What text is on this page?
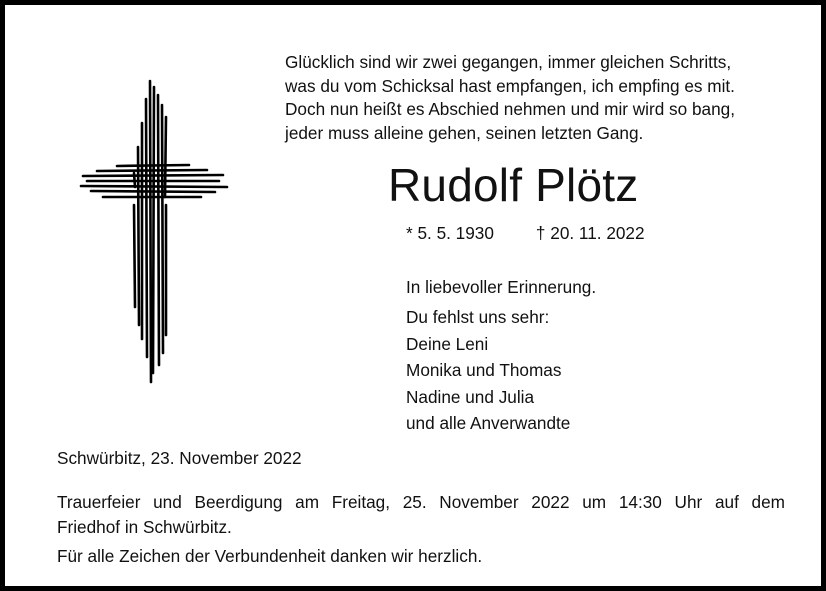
Glücklich sind wir zwei gegangen, immer gleichen Schritts,
was du vom Schicksal hast empfangen, ich empfing es mit.
Doch nun heißt es Abschied nehmen und mir wird so bang,
jeder muss alleine gehen, seinen letzten Gang.
Rudolf Plötz
* 5. 5. 1930 † 20. 11. 2022
In liebevoller Erinnerung.
Du fehlst uns sehr:
Deine Leni
Monika und Thomas
Nadine und Julia
und alle Anverwandte
Schwürbitz, 23. November 2022
Trauerfeier und Beerdigung am Freitag, 25. November 2022 um 14:30 Uhr auf dem
Friedhof in Schwürbitz.
Für alle Zeichen der Verbundenheit danken wir herzlich.
